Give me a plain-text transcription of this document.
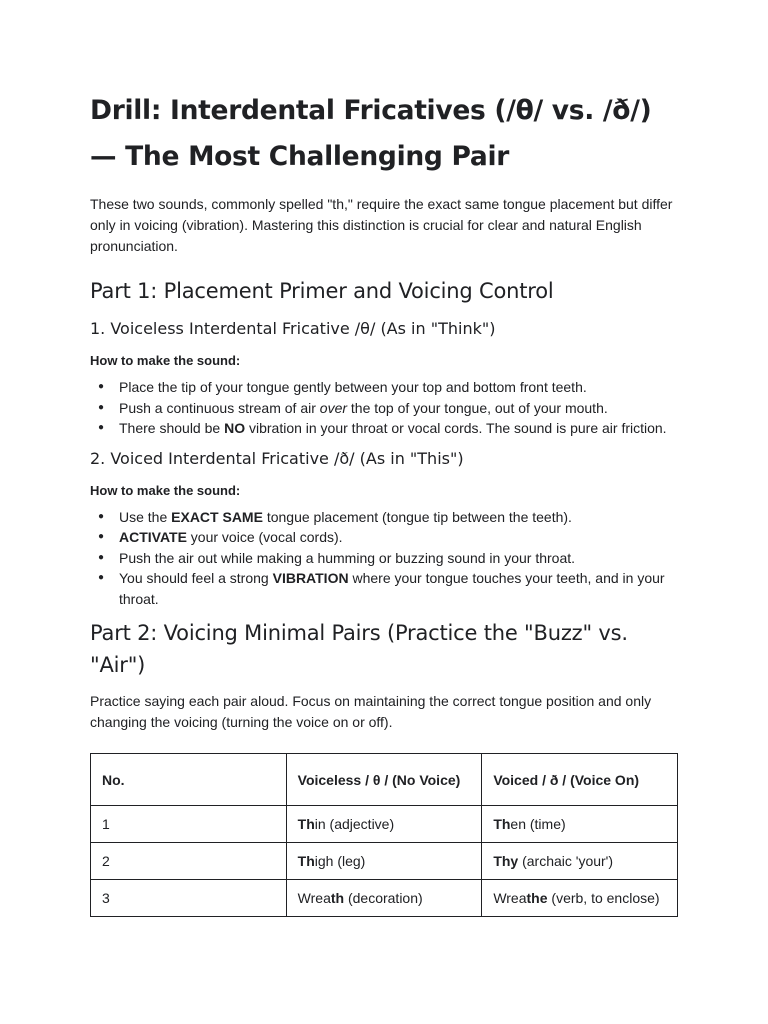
Drill: Interdental Fricatives (/θ/ vs. /ð/) — The Most Challenging Pair

These two sounds, commonly spelled "th," require the exact same tongue placement but differ only in voicing (vibration). Mastering this distinction is crucial for clear and natural English pronunciation.

Part 1: Placement Primer and Voicing Control
1. Voiceless Interdental Fricative /θ/ (As in "Think")
How to make the sound:
● Place the tip of your tongue gently between your top and bottom front teeth.
● Push a continuous stream of air over the top of your tongue, out of your mouth.
● There should be NO vibration in your throat or vocal cords. The sound is pure air friction.
2. Voiced Interdental Fricative /ð/ (As in "This")
How to make the sound:
● Use the EXACT SAME tongue placement (tongue tip between the teeth).
● ACTIVATE your voice (vocal cords).
● Push the air out while making a humming or buzzing sound in your throat.
● You should feel a strong VIBRATION where your tongue touches your teeth, and in your throat.
Part 2: Voicing Minimal Pairs (Practice the "Buzz" vs. "Air")

Practice saying each pair aloud. Focus on maintaining the correct tongue position and only changing the voicing (turning the voice on or off).

No.	Voiceless / θ / (No Voice)	Voiced / ð / (Voice On)
1	Thin (adjective)	Then (time)
2	Thigh (leg)	Thy (archaic 'your')
3	Wreath (decoration)	Wreathe (verb, to enclose)
